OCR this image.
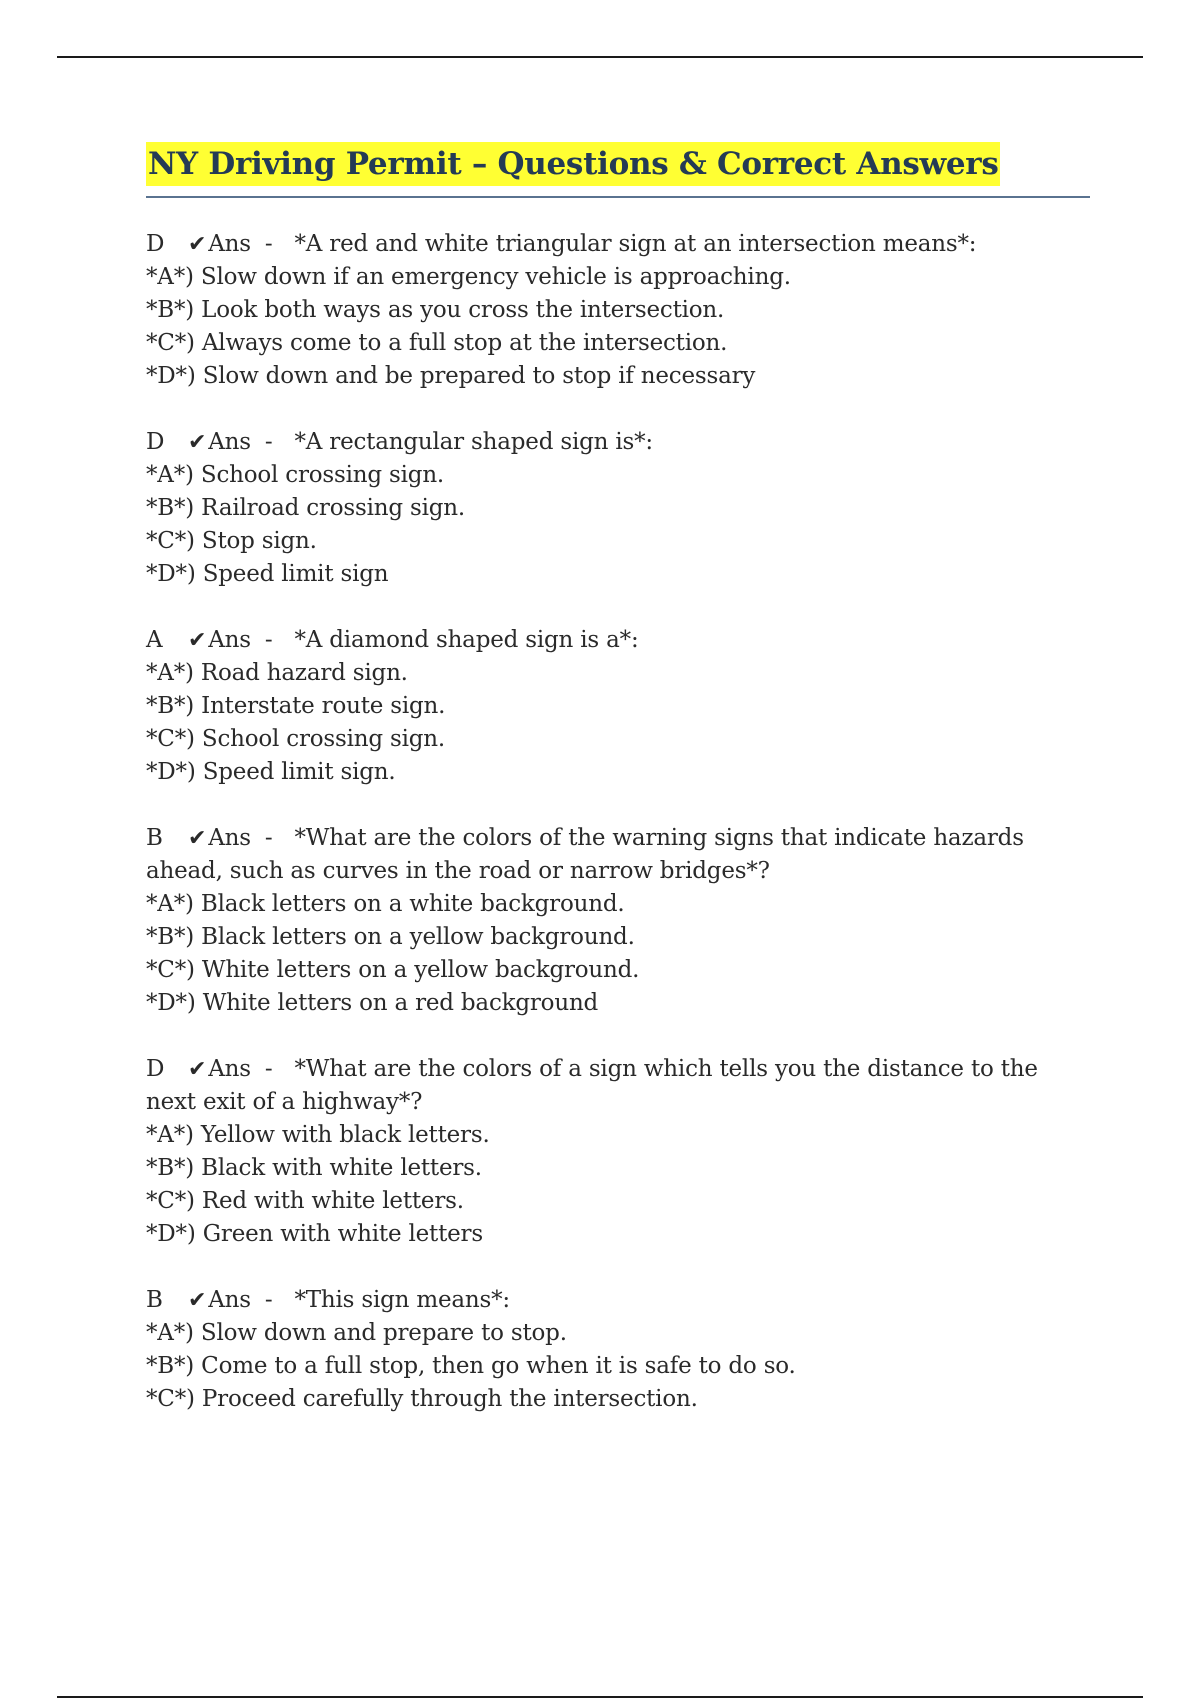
NY Driving Permit – Questions & Correct Answers
D ✔Ans - *A red and white triangular sign at an intersection means*:
*A*) Slow down if an emergency vehicle is approaching.
*B*) Look both ways as you cross the intersection.
*C*) Always come to a full stop at the intersection.
*D*) Slow down and be prepared to stop if necessary
D ✔Ans - *A rectangular shaped sign is*:
*A*) School crossing sign.
*B*) Railroad crossing sign.
*C*) Stop sign.
*D*) Speed limit sign
A ✔Ans - *A diamond shaped sign is a*:
*A*) Road hazard sign.
*B*) Interstate route sign.
*C*) School crossing sign.
*D*) Speed limit sign.
B ✔Ans - *What are the colors of the warning signs that indicate hazards ahead, such as curves in the road or narrow bridges*?
*A*) Black letters on a white background.
*B*) Black letters on a yellow background.
*C*) White letters on a yellow background.
*D*) White letters on a red background
D ✔Ans - *What are the colors of a sign which tells you the distance to the next exit of a highway*?
*A*) Yellow with black letters.
*B*) Black with white letters.
*C*) Red with white letters.
*D*) Green with white letters
B ✔Ans - *This sign means*:
*A*) Slow down and prepare to stop.
*B*) Come to a full stop, then go when it is safe to do so.
*C*) Proceed carefully through the intersection.
